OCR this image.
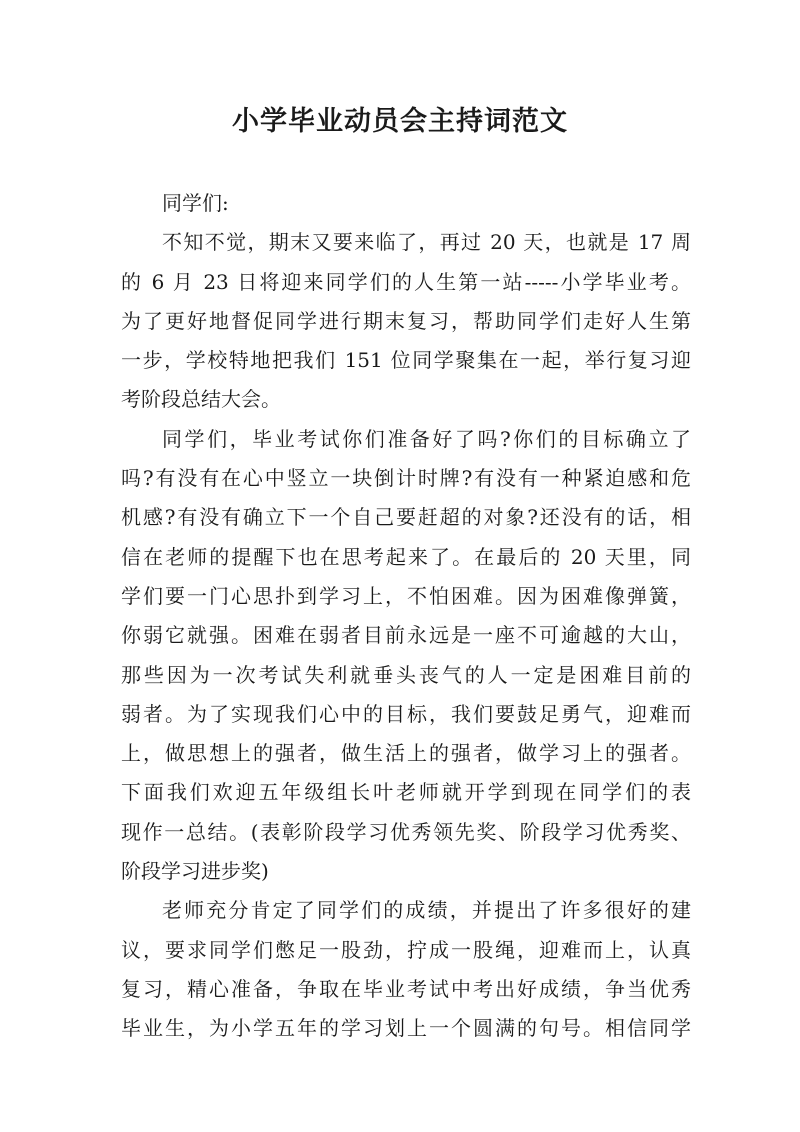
小学毕业动员会主持词范文
同学们:
不知不觉，期末又要来临了，再过 20 天，也就是 17 周
的 6 月 23 日将迎来同学们的人生第一站-----小学毕业考。
为了更好地督促同学进行期末复习，帮助同学们走好人生第
一步，学校特地把我们 151 位同学聚集在一起，举行复习迎
考阶段总结大会。
同学们，毕业考试你们准备好了吗?你们的目标确立了
吗?有没有在心中竖立一块倒计时牌?有没有一种紧迫感和危
机感?有没有确立下一个自己要赶超的对象?还没有的话，相
信在老师的提醒下也在思考起来了。在最后的 20 天里，同
学们要一门心思扑到学习上，不怕困难。因为困难像弹簧，
你弱它就强。困难在弱者目前永远是一座不可逾越的大山，
那些因为一次考试失利就垂头丧气的人一定是困难目前的
弱者。为了实现我们心中的目标，我们要鼓足勇气，迎难而
上，做思想上的强者，做生活上的强者，做学习上的强者。
下面我们欢迎五年级组长叶老师就开学到现在同学们的表
现作一总结。(表彰阶段学习优秀领先奖、阶段学习优秀奖、
阶段学习进步奖)
老师充分肯定了同学们的成绩，并提出了许多很好的建
议，要求同学们憋足一股劲，拧成一股绳，迎难而上，认真
复习，精心准备，争取在毕业考试中考出好成绩，争当优秀
毕业生，为小学五年的学习划上一个圆满的句号。相信同学
